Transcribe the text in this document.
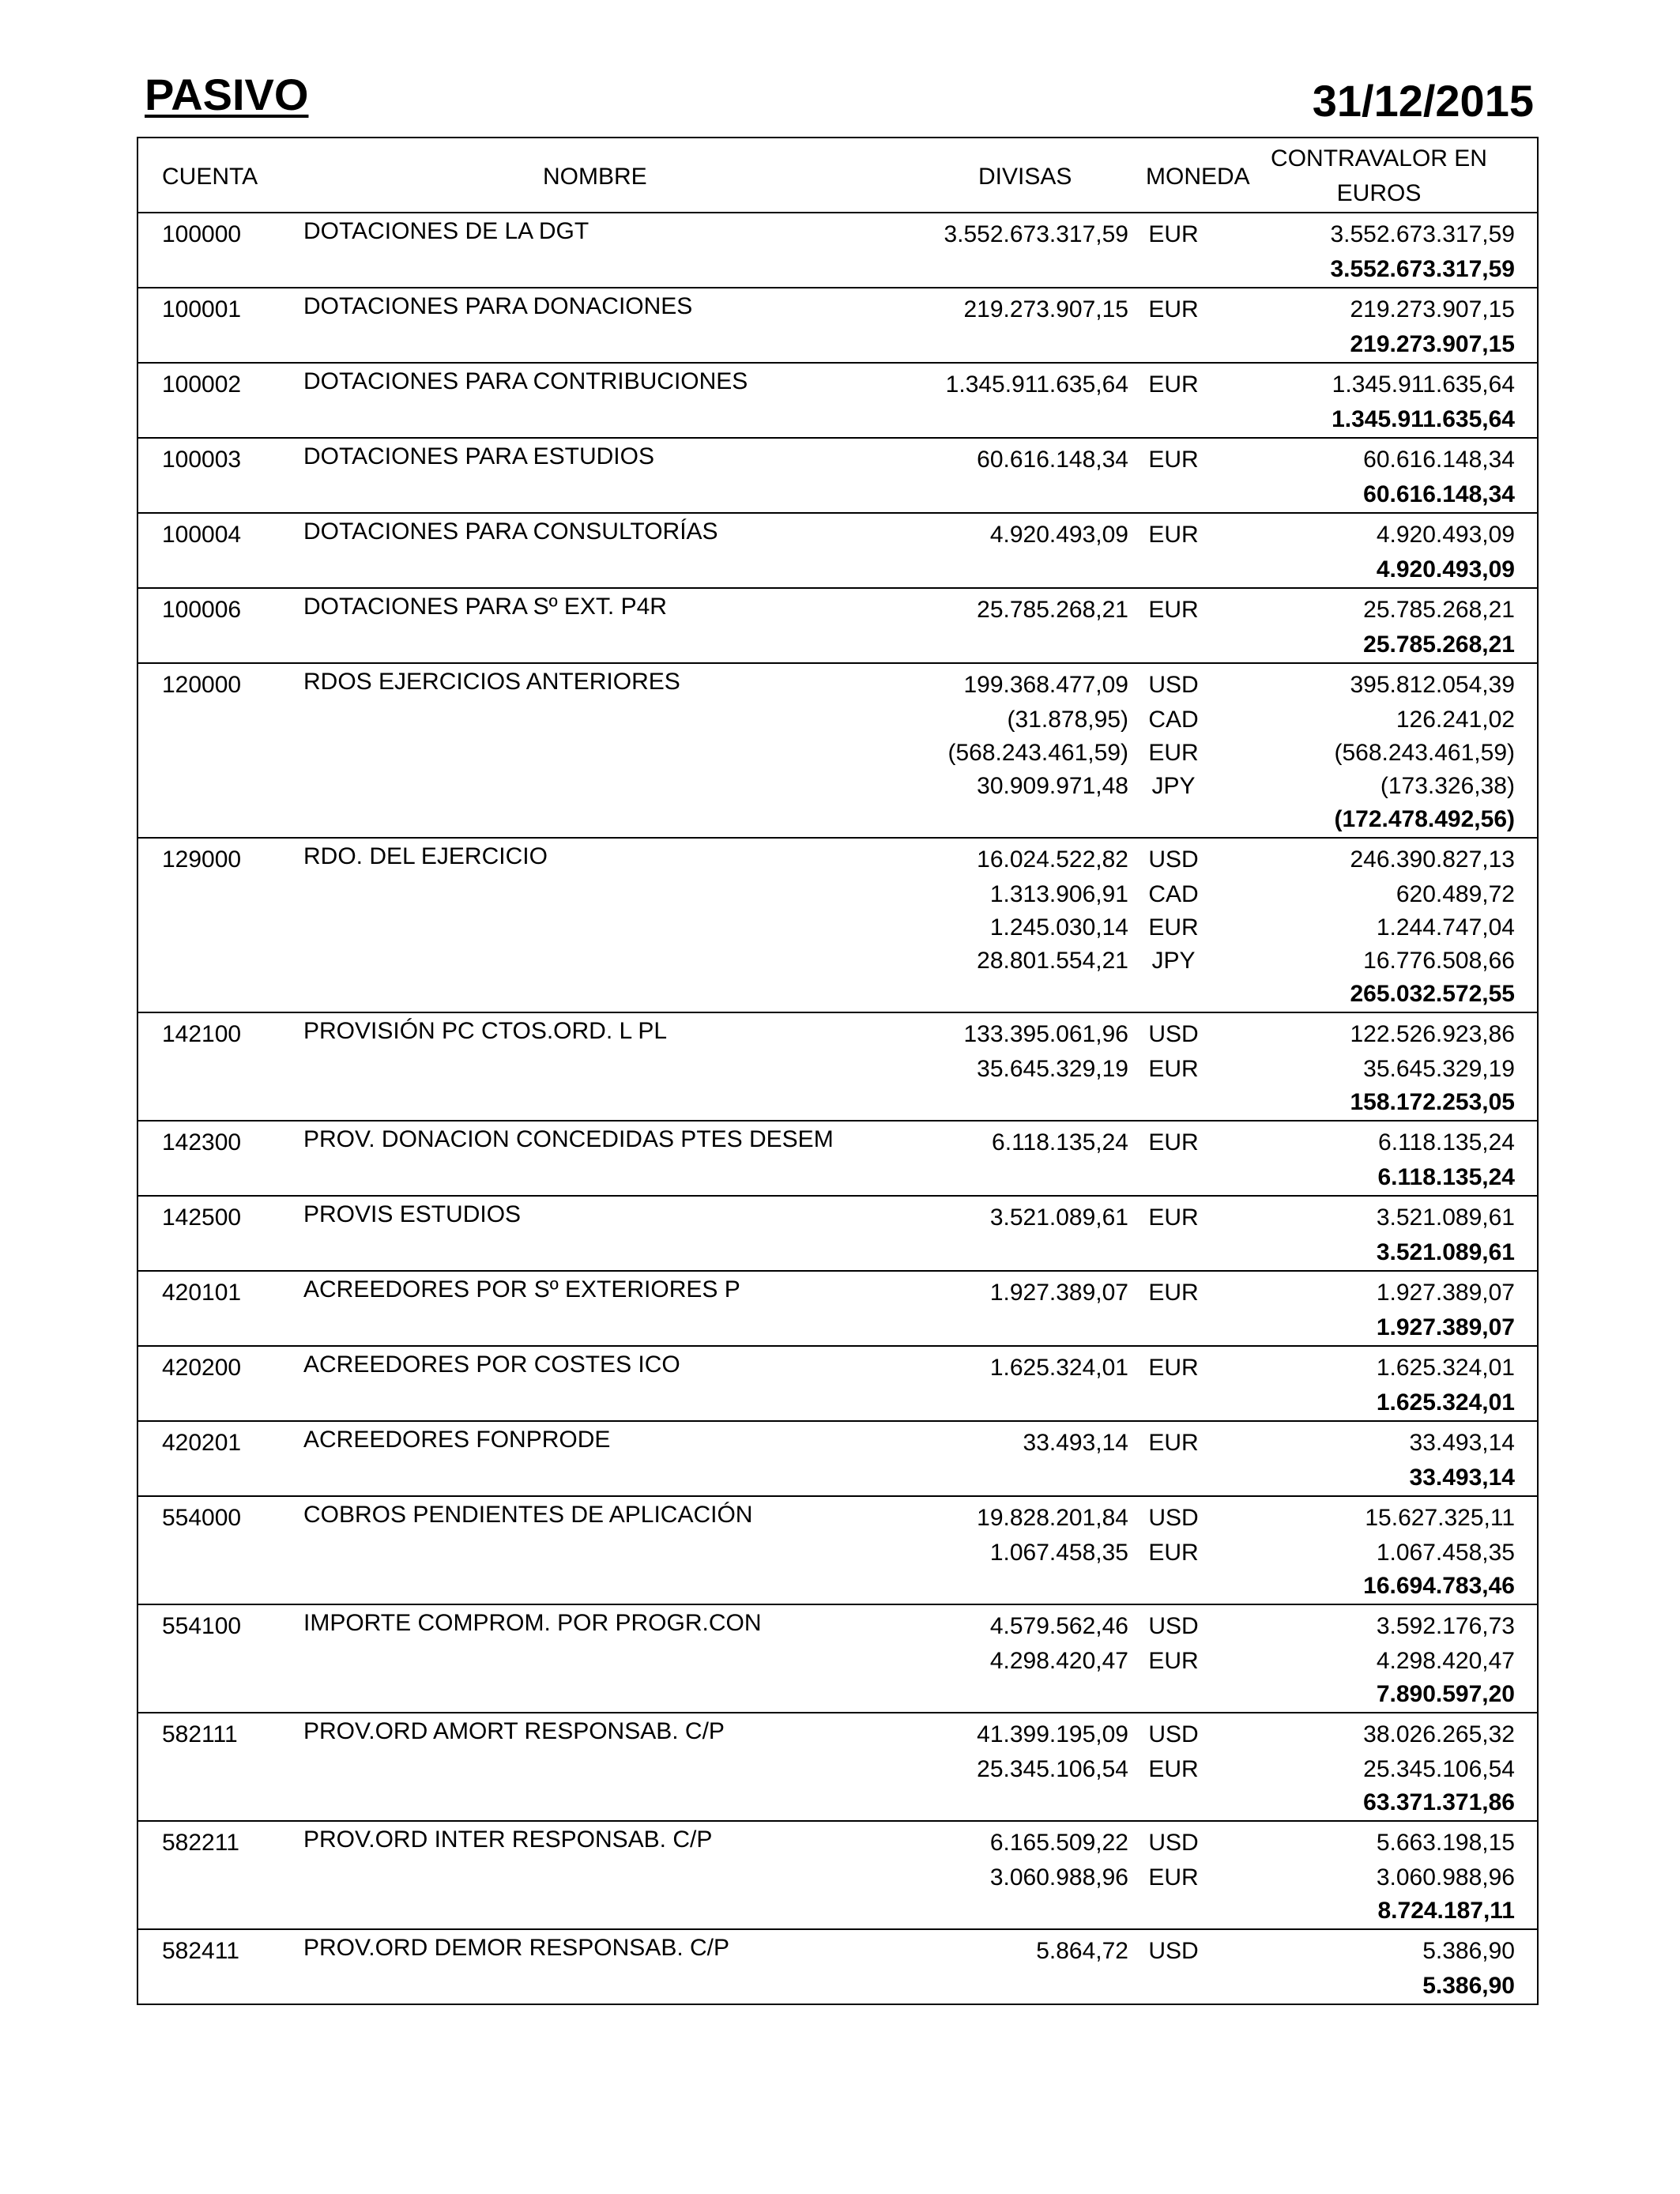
PASIVO	31/12/2015
CUENTA	NOMBRE	DIVISAS	MONEDA
CONTRAVALOR EN EUROS
100000	DOTACIONES DE LA DGT	3.552.673.317,59 EUR	3.552.673.317,59
3.552.673.317,59
100001	DOTACIONES PARA DONACIONES	219.273.907,15 EUR	219.273.907,15
219.273.907,15
100002	DOTACIONES PARA CONTRIBUCIONES	1.345.911.635,64 EUR	1.345.911.635,64
1.345.911.635,64
100003	DOTACIONES PARA ESTUDIOS	60.616.148,34 EUR	60.616.148,34
60.616.148,34
100004	DOTACIONES PARA CONSULTORÍAS	4.920.493,09 EUR	4.920.493,09
4.920.493,09
100006	DOTACIONES PARA Sº EXT. P4R	25.785.268,21 EUR	25.785.268,21
25.785.268,21
120000	RDOS EJERCICIOS ANTERIORES	199.368.477,09 USD	395.812.054,39
(31.878,95) CAD	126.241,02
(568.243.461,59) EUR	(568.243.461,59)
30.909.971,48 JPY	(173.326,38)
(172.478.492,56)
129000	RDO. DEL EJERCICIO	16.024.522,82 USD	246.390.827,13
1.313.906,91 CAD	620.489,72
1.245.030,14 EUR	1.244.747,04
28.801.554,21 JPY	16.776.508,66
265.032.572,55
142100	PROVISIÓN PC CTOS.ORD. L PL	133.395.061,96 USD	122.526.923,86
35.645.329,19 EUR	35.645.329,19
158.172.253,05
142300	PROV. DONACION CONCEDIDAS PTES DESEM	6.118.135,24 EUR	6.118.135,24
6.118.135,24
142500	PROVIS ESTUDIOS	3.521.089,61 EUR	3.521.089,61
3.521.089,61
420101	ACREEDORES POR Sº EXTERIORES P	1.927.389,07 EUR	1.927.389,07
1.927.389,07
420200	ACREEDORES POR COSTES ICO	1.625.324,01 EUR	1.625.324,01
1.625.324,01
420201	ACREEDORES FONPRODE	33.493,14 EUR	33.493,14
33.493,14
554000	COBROS PENDIENTES DE APLICACIÓN	19.828.201,84 USD	15.627.325,11
1.067.458,35 EUR	1.067.458,35
16.694.783,46
554100	IMPORTE COMPROM. POR PROGR.CON	4.579.562,46 USD	3.592.176,73
4.298.420,47 EUR	4.298.420,47
7.890.597,20
582111	PROV.ORD AMORT RESPONSAB. C/P	41.399.195,09 USD	38.026.265,32
25.345.106,54 EUR	25.345.106,54
63.371.371,86
582211	PROV.ORD INTER RESPONSAB. C/P	6.165.509,22 USD	5.663.198,15
3.060.988,96 EUR	3.060.988,96
8.724.187,11
582411	PROV.ORD DEMOR RESPONSAB. C/P	5.864,72 USD	5.386,90
5.386,90
